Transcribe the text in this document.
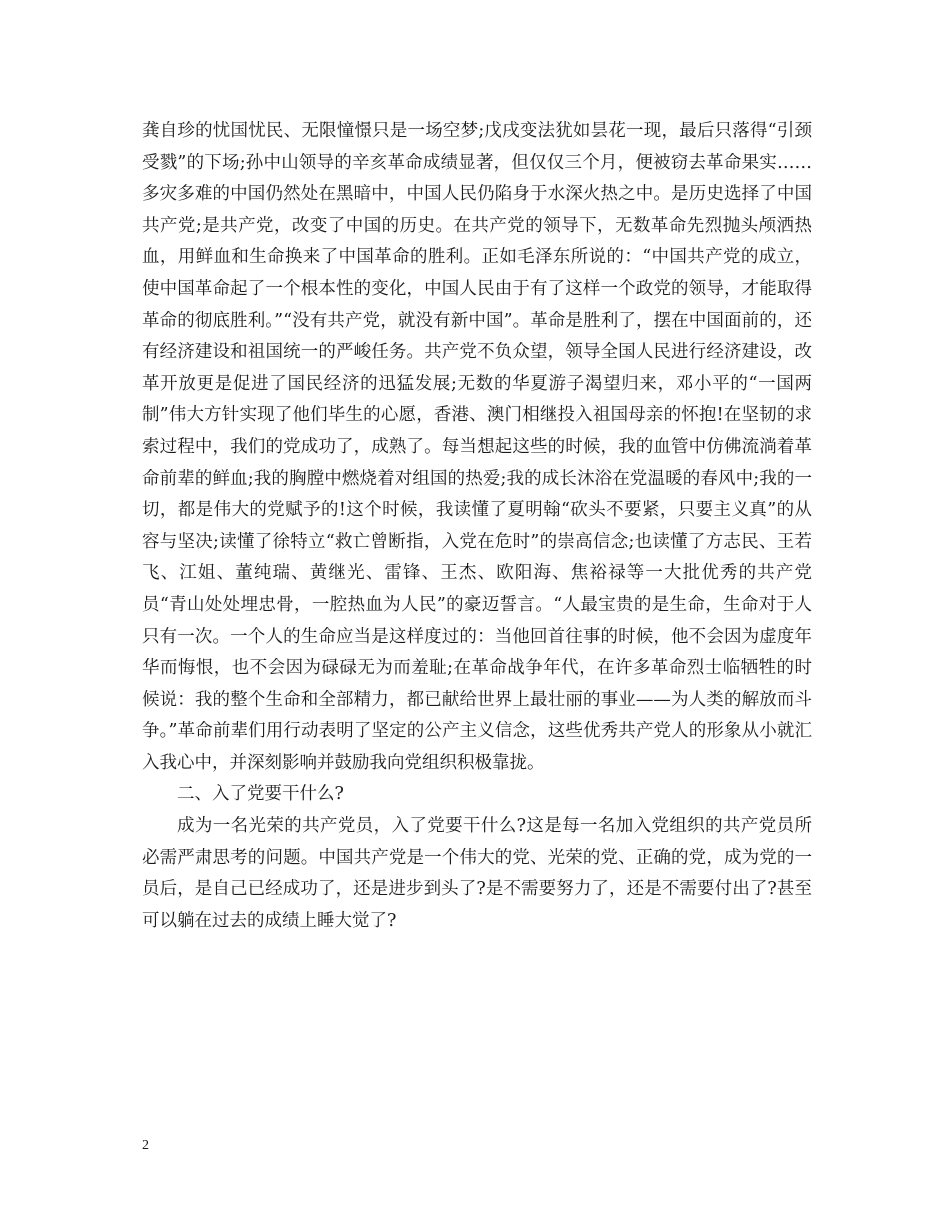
龚自珍的忧国忧民、无限憧憬只是一场空梦;戊戌变法犹如昙花一现，最后只落得“引颈受戮”的下场;孙中山领导的辛亥革命成绩显著，但仅仅三个月，便被窃去革命果实……多灾多难的中国仍然处在黑暗中，中国人民仍陷身于水深火热之中。是历史选择了中国共产党;是共产党，改变了中国的历史。在共产党的领导下，无数革命先烈抛头颅洒热血，用鲜血和生命换来了中国革命的胜利。正如毛泽东所说的：“中国共产党的成立，使中国革命起了一个根本性的变化，中国人民由于有了这样一个政党的领导，才能取得革命的彻底胜利。”“没有共产党，就没有新中国”。革命是胜利了，摆在中国面前的，还有经济建设和祖国统一的严峻任务。共产党不负众望，领导全国人民进行经济建设，改革开放更是促进了国民经济的迅猛发展;无数的华夏游子渴望归来，邓小平的“一国两制”伟大方针实现了他们毕生的心愿，香港、澳门相继投入祖国母亲的怀抱!在坚韧的求索过程中，我们的党成功了，成熟了。每当想起这些的时候，我的血管中仿佛流淌着革命前辈的鲜血;我的胸膛中燃烧着对组国的热爱;我的成长沐浴在党温暖的春风中;我的一切，都是伟大的党赋予的!这个时候，我读懂了夏明翰“砍头不要紧，只要主义真”的从容与坚决;读懂了徐特立“救亡曾断指，入党在危时”的崇高信念;也读懂了方志民、王若飞、江姐、董纯瑞、黄继光、雷锋、王杰、欧阳海、焦裕禄等一大批优秀的共产党员“青山处处埋忠骨，一腔热血为人民”的豪迈誓言。“人最宝贵的是生命，生命对于人只有一次。一个人的生命应当是这样度过的：当他回首往事的时候，他不会因为虚度年华而悔恨，也不会因为碌碌无为而羞耻;在革命战争年代，在许多革命烈士临牺牲的时候说：我的整个生命和全部精力，都已献给世界上最壮丽的事业——为人类的解放而斗争。”革命前辈们用行动表明了坚定的公产主义信念，这些优秀共产党人的形象从小就汇入我心中，并深刻影响并鼓励我向党组织积极靠拢。

二、入了党要干什么?

成为一名光荣的共产党员，入了党要干什么?这是每一名加入党组织的共产党员所必需严肃思考的问题。中国共产党是一个伟大的党、光荣的党、正确的党，成为党的一员后，是自己已经成功了，还是进步到头了?是不需要努力了，还是不需要付出了?甚至可以躺在过去的成绩上睡大觉了?

2
